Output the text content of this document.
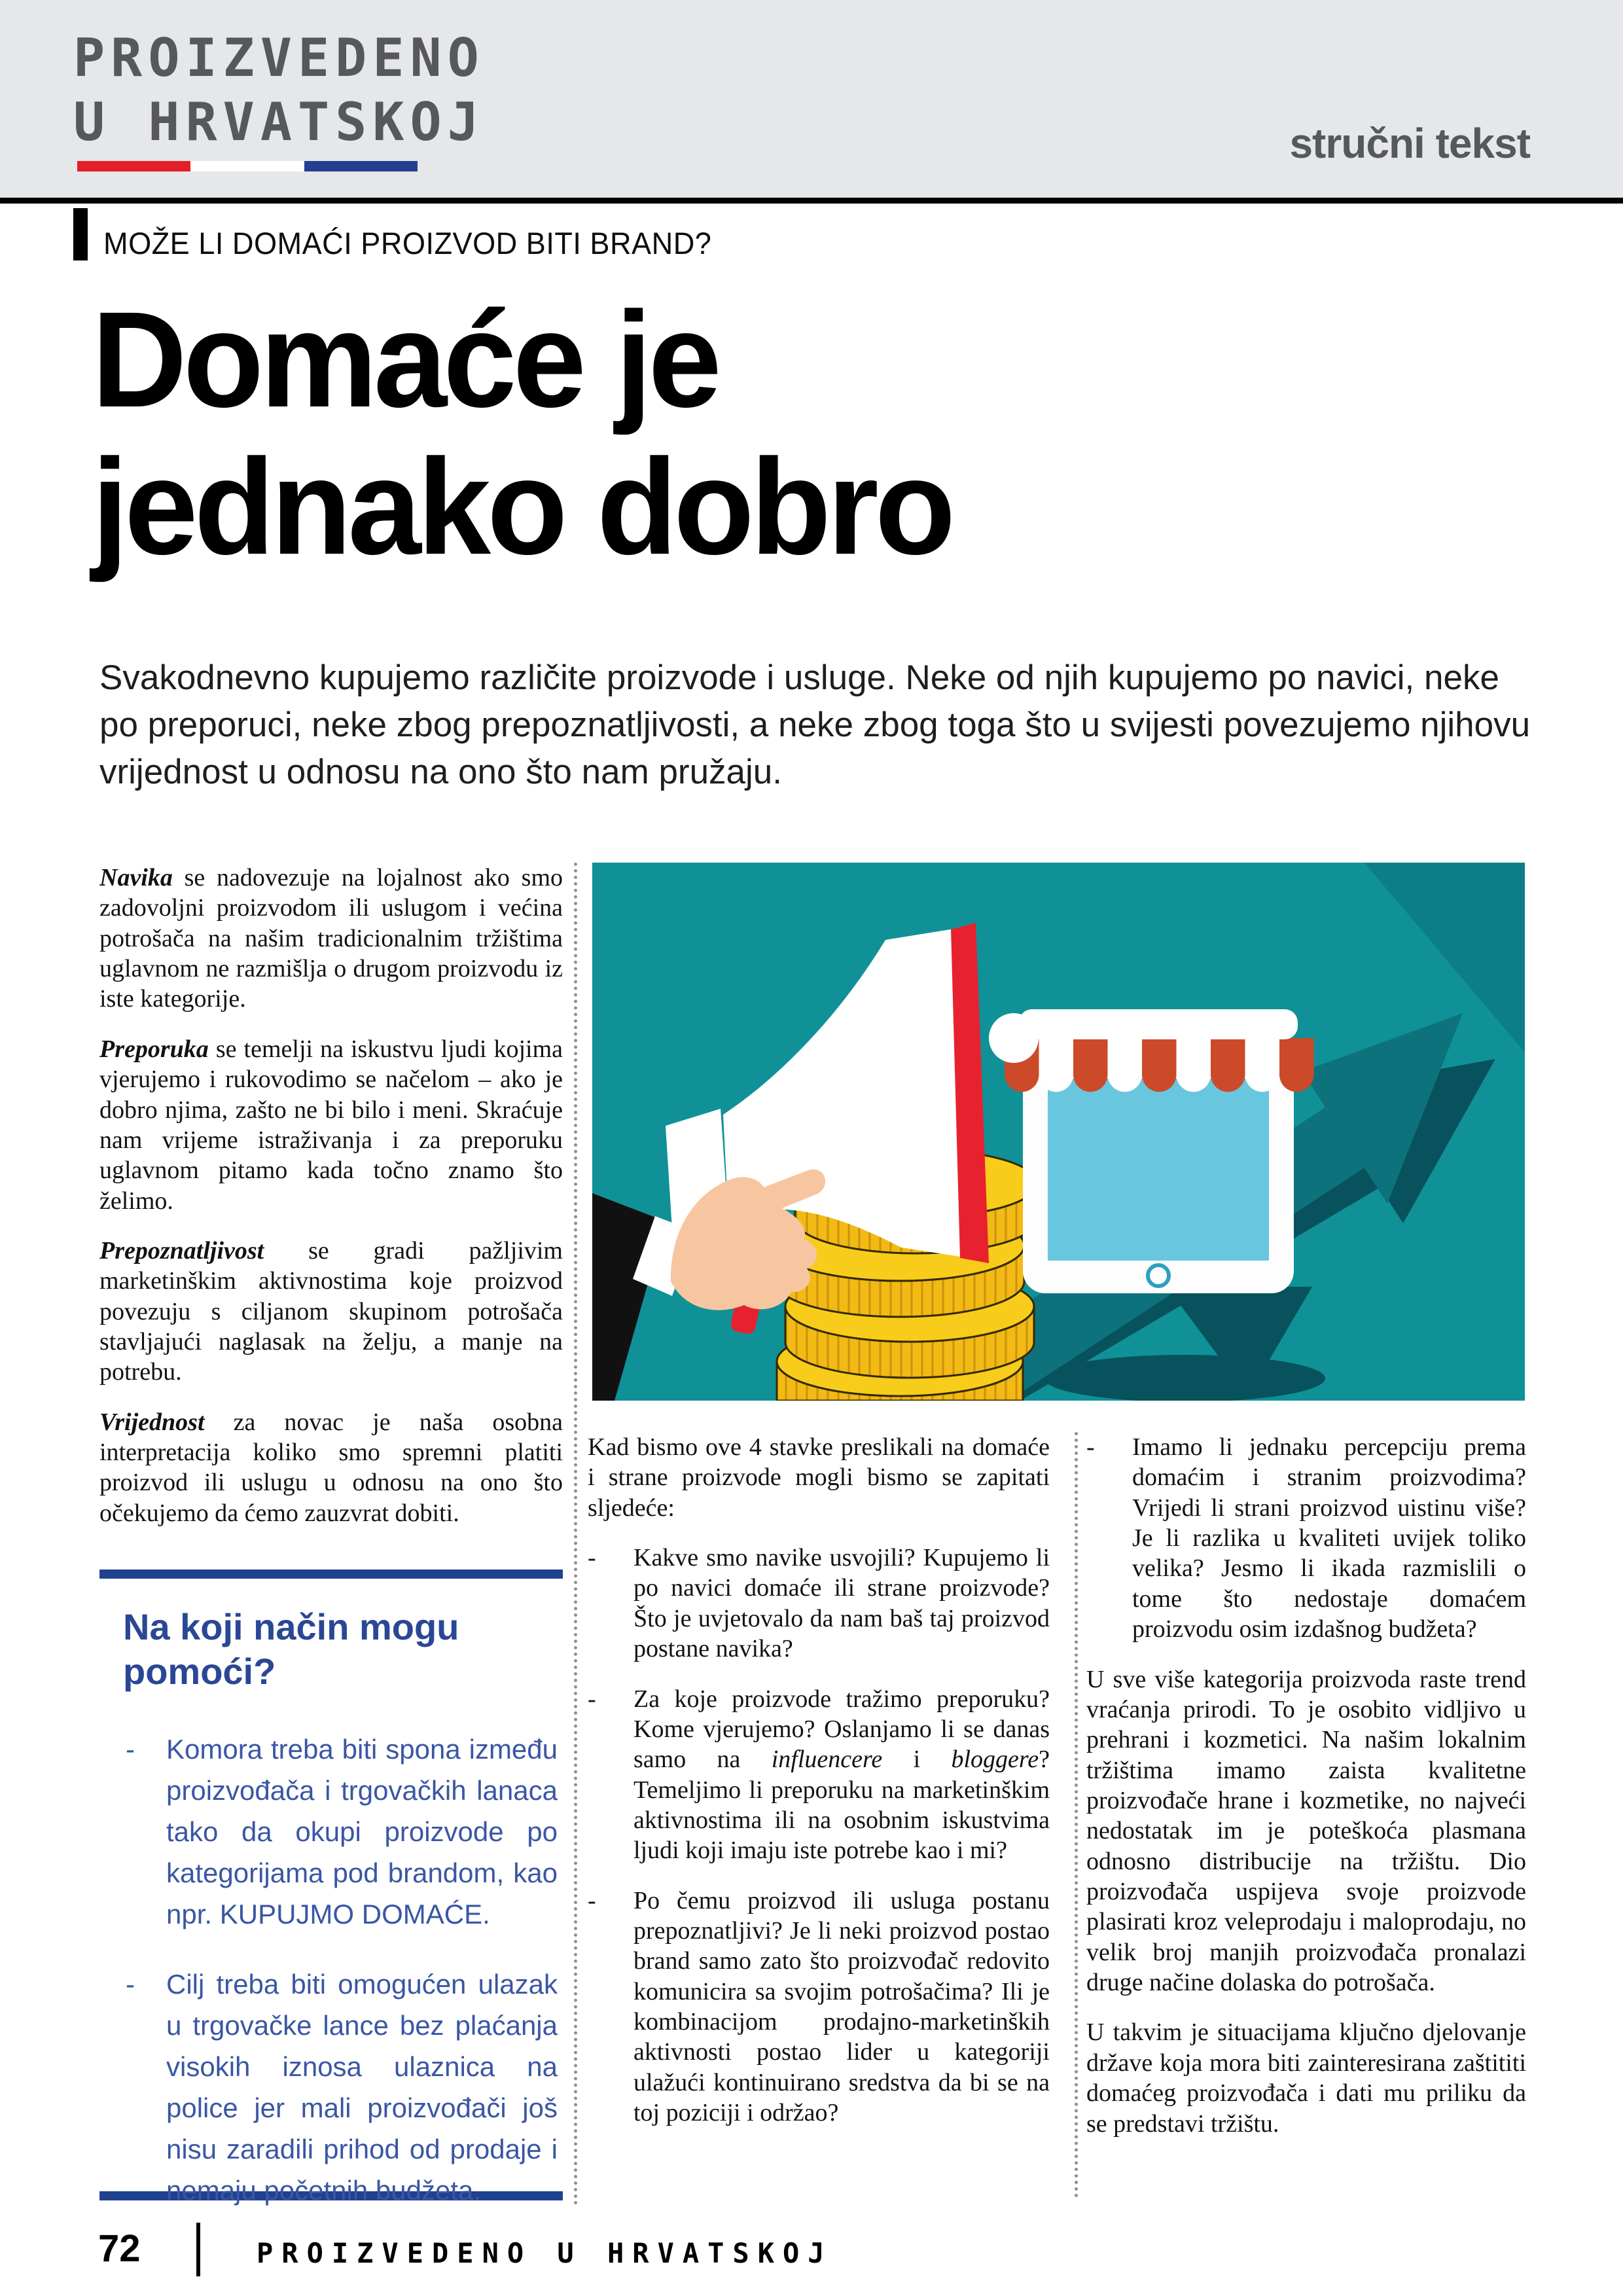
PROIZVEDENO
U HRVATSKOJ	stručni tekst
MOŽE LI DOMAĆI PROIZVOD BITI BRAND?
Domaće je
jednako dobro
Svakodnevno kupujemo različite proizvode i usluge. Neke od njih kupujemo po navici, neke
po preporuci, neke zbog prepoznatljivosti, a neke zbog toga što u svijesti povezujemo njihovu
vrijednost u odnosu na ono što nam pružaju.

Navika se nadovezuje na lojalnost ako smo zadovoljni proizvodom ili uslugom i većina potrošača na našim tradicionalnim tržištima uglavnom ne razmišlja o drugom proizvodu iz iste kategorije.

Preporuka se temelji na iskustvu ljudi kojima vjerujemo i rukovodimo se načelom – ako je dobro njima, zašto ne bi bilo i meni. Skraćuje nam vrijeme istraživanja i za preporuku uglavnom pitamo kada točno znamo što želimo.

Prepoznatljivost se gradi pažljivim marketinškim aktivnostima koje proizvod povezuju s ciljanom skupinom potrošača stavljajući naglasak na želju, a manje na potrebu.

Vrijednost za novac je naša osobna interpretacija koliko smo spremni platiti proizvod ili uslugu u odnosu na ono što očekujemo da ćemo zauzvrat dobiti.

Na koji način mogu
pomoći?
- Komora treba biti spona između proizvođača i trgovačkih lanaca tako da okupi proizvode po kategorijama pod brandom, kao npr. KUPUJMO DOMAĆE.
- Cilj treba biti omogućen ulazak u trgovačke lance bez plaćanja visokih iznosa ulaznica na police jer mali proizvođači još nisu zaradili prihod od prodaje i nemaju početnih budžeta.

Kad bismo ove 4 stavke preslikali na domaće i strane proizvode mogli bismo se zapitati sljedeće:

- Kakve smo navike usvojili? Kupujemo li po navici domaće ili strane proizvode? Što je uvjetovalo da nam baš taj proizvod postane navika?
- Za koje proizvode tražimo preporuku? Kome vjerujemo? Oslanjamo li se danas samo na influencere i bloggere? Temeljimo li preporuku na marketinškim aktivnostima ili na osobnim iskustvima ljudi koji imaju iste potrebe kao i mi?
- Po čemu proizvod ili usluga postanu prepoznatljivi? Je li neki proizvod postao brand samo zato što proizvođač redovito komunicira sa svojim potrošačima? Ili je kombinacijom prodajno-marketinških aktivnosti postao lider u kategoriji ulažući kontinuirano sredstva da bi se na toj poziciji i održao?
- Imamo li jednaku percepciju prema domaćim i stranim proizvodima? Vrijedi li strani proizvod uistinu više? Je li razlika u kvaliteti uvijek toliko velika? Jesmo li ikada razmislili o tome što nedostaje domaćem proizvodu osim izdašnog budžeta?

U sve više kategorija proizvoda raste trend vraćanja prirodi. To je osobito vidljivo u prehrani i kozmetici. Na našim lokalnim tržištima imamo zaista kvalitetne proizvođače hrane i kozmetike, no najveći nedostatak im je poteškoća plasmana odnosno distribucije na tržištu. Dio proizvođača uspijeva svoje proizvode plasirati kroz veleprodaju i maloprodaju, no velik broj manjih proizvođača pronalazi druge načine dolaska do potrošača.

U takvim je situacijama ključno djelovanje države koja mora biti zainteresirana zaštititi domaćeg proizvođača i dati mu priliku da se predstavi tržištu.

72	PROIZVEDENO U HRVATSKOJ
